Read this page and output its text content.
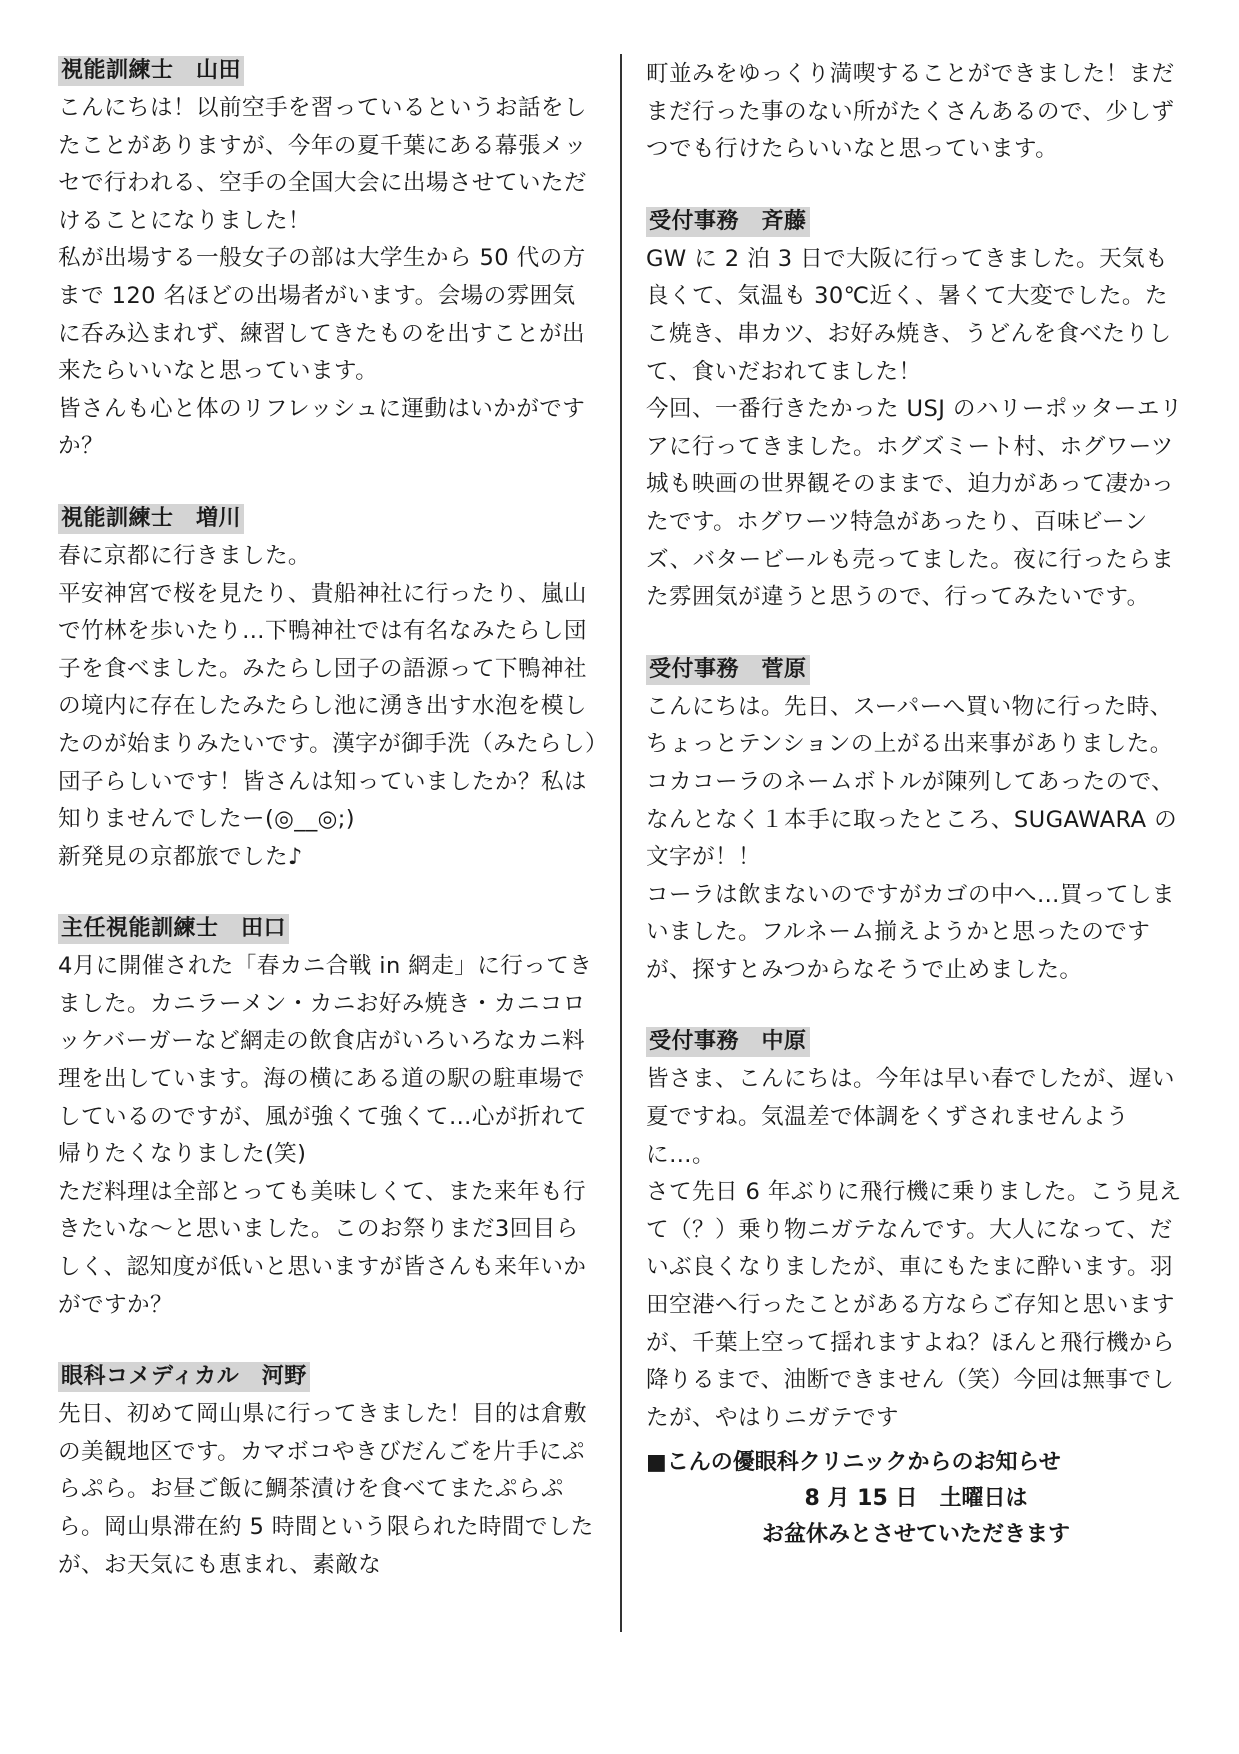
視能訓練士　山田

こんにちは！以前空手を習っているというお話をしたことがありますが、今年の夏千葉にある幕張メッセで行われる、空手の全国大会に出場させていただけることになりました！

私が出場する一般女子の部は大学生から 50 代の方まで 120 名ほどの出場者がいます。会場の雰囲気に呑み込まれず、練習してきたものを出すことが出来たらいいなと思っています。

皆さんも心と体のリフレッシュに運動はいかがですか？

視能訓練士　増川

春に京都に行きました。

平安神宮で桜を見たり、貴船神社に行ったり、嵐山で竹林を歩いたり…下鴨神社では有名なみたらし団子を食べました。みたらし団子の語源って下鴨神社の境内に存在したみたらし池に湧き出す水泡を模したのが始まりみたいです。漢字が御手洗（みたらし）団子らしいです！皆さんは知っていましたか？私は知りませんでしたー(◎__◎;)

新発見の京都旅でした♪

主任視能訓練士　田口

4月に開催された「春カニ合戦 in 網走」に行ってきました。カニラーメン・カニお好み焼き・カニコロッケバーガーなど網走の飲食店がいろいろなカニ料理を出しています。海の横にある道の駅の駐車場でしているのですが、風が強くて強くて…心が折れて帰りたくなりました(笑)

ただ料理は全部とっても美味しくて、また来年も行きたいな～と思いました。このお祭りまだ3回目らしく、認知度が低いと思いますが皆さんも来年いかがですか？

眼科コメディカル　河野

先日、初めて岡山県に行ってきました！目的は倉敷の美観地区です。カマボコやきびだんごを片手にぷらぷら。お昼ご飯に鯛茶漬けを食べてまたぷらぷら。岡山県滞在約 5 時間という限られた時間でしたが、お天気にも恵まれ、素敵な

町並みをゆっくり満喫することができました！まだまだ行った事のない所がたくさんあるので、少しずつでも行けたらいいなと思っています。

受付事務　斉藤

GW に 2 泊 3 日で大阪に行ってきました。天気も良くて、気温も 30℃近く、暑くて大変でした。たこ焼き、串カツ、お好み焼き、うどんを食べたりして、食いだおれてました！

今回、一番行きたかった USJ のハリーポッターエリアに行ってきました。ホグズミート村、ホグワーツ城も映画の世界観そのままで、迫力があって凄かったです。ホグワーツ特急があったり、百味ビーンズ、バタービールも売ってました。夜に行ったらまた雰囲気が違うと思うので、行ってみたいです。

受付事務　菅原

こんにちは。先日、スーパーへ買い物に行った時、ちょっとテンションの上がる出来事がありました。コカコーラのネームボトルが陳列してあったので、なんとなく１本手に取ったところ、SUGAWARA の文字が！！

コーラは飲まないのですがカゴの中へ…買ってしまいました。フルネーム揃えようかと思ったのですが、探すとみつからなそうで止めました。

受付事務　中原

皆さま、こんにちは。今年は早い春でしたが、遅い夏ですね。気温差で体調をくずされませんように…。

さて先日 6 年ぶりに飛行機に乗りました。こう見えて（？）乗り物ニガテなんです。大人になって、だいぶ良くなりましたが、車にもたまに酔います。羽田空港へ行ったことがある方ならご存知と思いますが、千葉上空って揺れますよね？ほんと飛行機から降りるまで、油断できません（笑）今回は無事でしたが、やはりニガテです

■こんの優眼科クリニックからのお知らせ

8 月 15 日　土曜日は

お盆休みとさせていただきます
